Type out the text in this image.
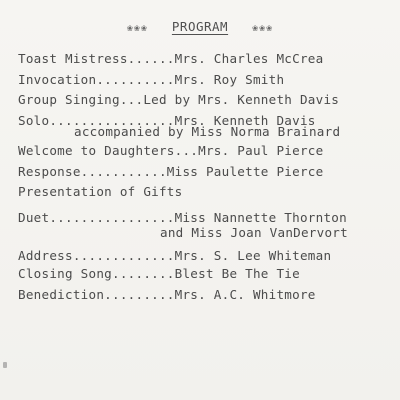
❀❀❀ PROGRAM ❀❀❀
Toast Mistress......Mrs. Charles McCrea
Invocation..........Mrs. Roy Smith
Group Singing...Led by Mrs. Kenneth Davis
Solo................Mrs. Kenneth Davis
accompanied by Miss Norma Brainard
Welcome to Daughters...Mrs. Paul Pierce
Response...........Miss Paulette Pierce
Presentation of Gifts
Duet................Miss Nannette Thornton
and Miss Joan VanDervort
Address.............Mrs. S. Lee Whiteman
Closing Song........Blest Be The Tie
Benediction.........Mrs. A.C. Whitmore
